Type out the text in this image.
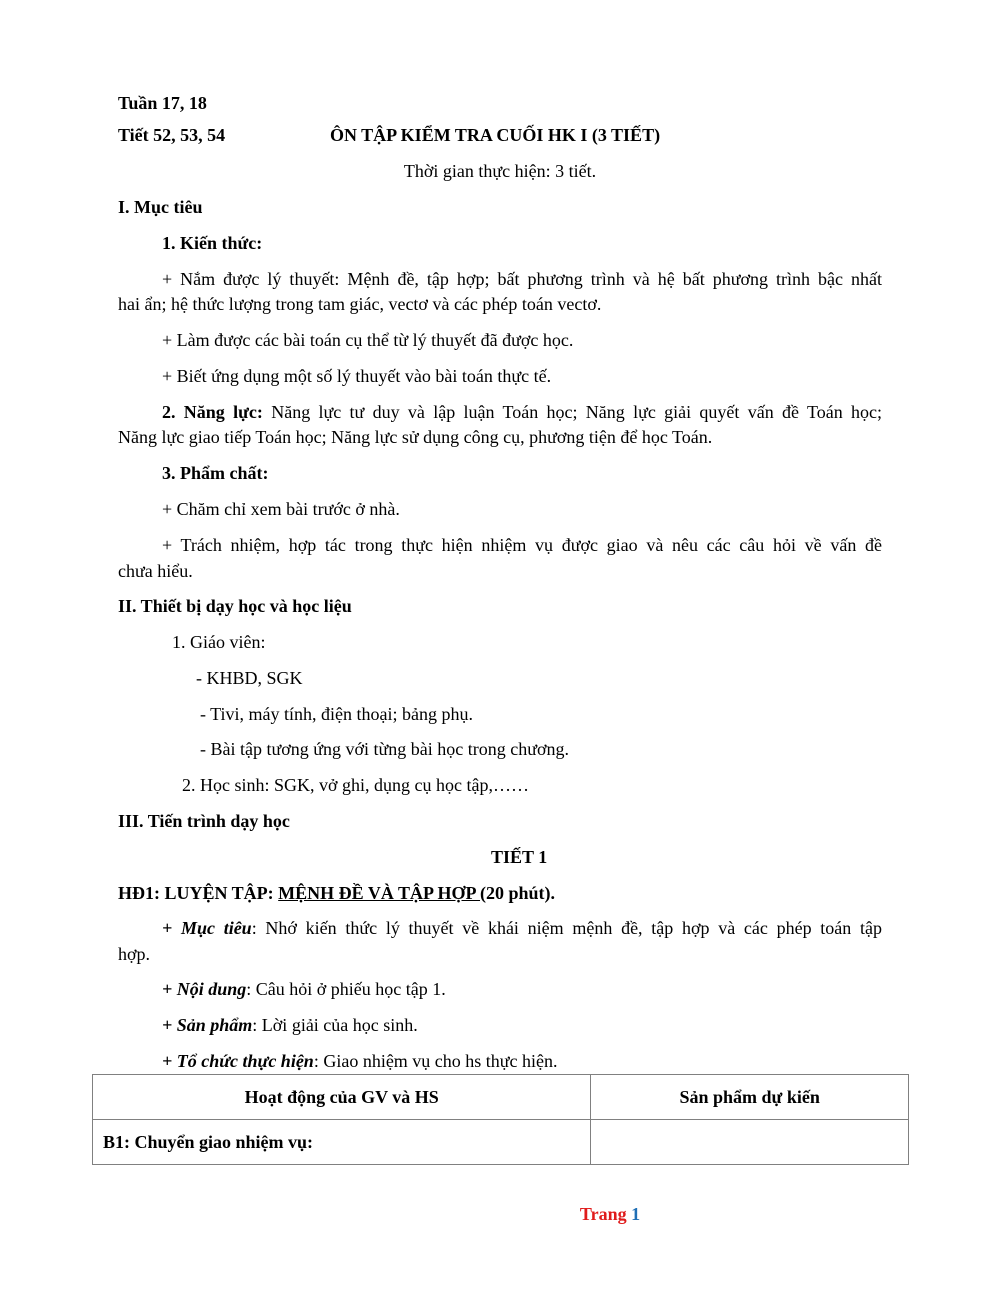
Tuần 17, 18
Tiết 52, 53, 54	ÔN TẬP KIỂM TRA CUỐI HK I (3 TIẾT)
Thời gian thực hiện: 3 tiết.
I. Mục tiêu
1. Kiến thức:
+ Nắm được lý thuyết: Mệnh đề, tập hợp; bất phương trình và hệ bất phương trình bậc nhất
hai ẩn; hệ thức lượng trong tam giác, vectơ và các phép toán vectơ.
+ Làm được các bài toán cụ thể từ lý thuyết đã được học.
+ Biết ứng dụng một số lý thuyết vào bài toán thực tế.
2. Năng lực: Năng lực tư duy và lập luận Toán học; Năng lực giải quyết vấn đề Toán học;
Năng lực giao tiếp Toán học; Năng lực sử dụng công cụ, phương tiện để học Toán.
3. Phẩm chất:
+ Chăm chỉ xem bài trước ở nhà.
+ Trách nhiệm, hợp tác trong thực hiện nhiệm vụ được giao và nêu các câu hỏi về vấn đề
chưa hiểu.
II. Thiết bị dạy học và học liệu
1. Giáo viên:
- KHBD, SGK
- Tivi, máy tính, điện thoại; bảng phụ.
- Bài tập tương ứng với từng bài học trong chương.
2. Học sinh: SGK, vở ghi, dụng cụ học tập,……
III. Tiến trình dạy học
TIẾT 1
HĐ1: LUYỆN TẬP: MỆNH ĐỀ VÀ TẬP HỢP (20 phút).
+ Mục tiêu: Nhớ kiến thức lý thuyết về khái niệm mệnh đề, tập hợp và các phép toán tập
hợp.
+ Nội dung: Câu hỏi ở phiếu học tập 1.
+ Sản phẩm: Lời giải của học sinh.
+ Tổ chức thực hiện: Giao nhiệm vụ cho hs thực hiện.
Hoạt động của GV và HS	Sản phẩm dự kiến
B1: Chuyển giao nhiệm vụ:	
Trang 1
